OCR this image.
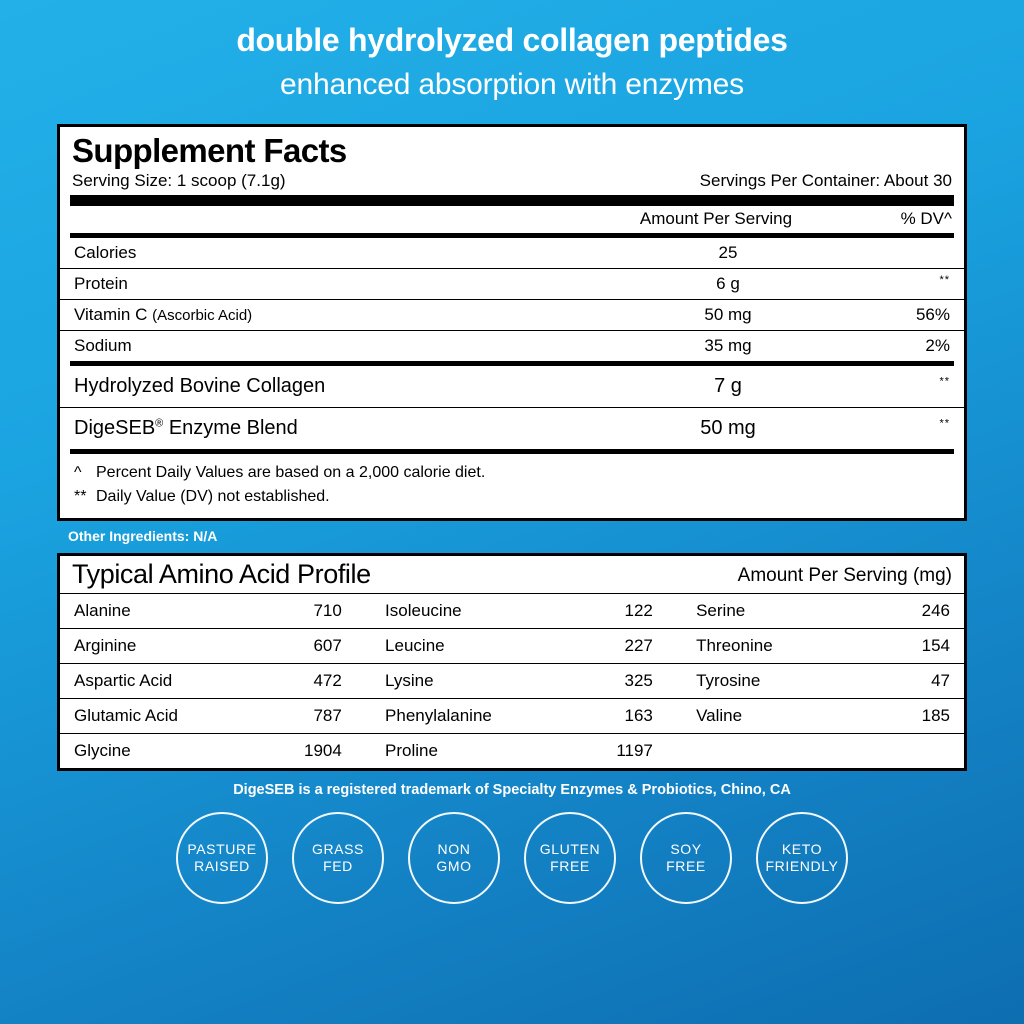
double hydrolyzed collagen peptides
enhanced absorption with enzymes
Supplement Facts
Serving Size: 1 scoop (7.1g)	Servings Per Container: About 30
Amount Per Serving	% DV^
Calories	25	
Protein	6 g	**
Vitamin C (Ascorbic Acid)	50 mg	56%
Sodium	35 mg	2%
Hydrolyzed Bovine Collagen	7 g	**
DigeSEB® Enzyme Blend	50 mg	**
^ Percent Daily Values are based on a 2,000 calorie diet.
** Daily Value (DV) not established.
Other Ingredients: N/A
Typical Amino Acid Profile	Amount Per Serving (mg)
Alanine	710		Isoleucine	122		Serine	246
Arginine	607		Leucine	227		Threonine	154
Aspartic Acid	472		Lysine	325		Tyrosine	47
Glutamic Acid	787		Phenylalanine	163		Valine	185
Glycine	1904		Proline	1197			
DigeSEB is a registered trademark of Specialty Enzymes & Probiotics, Chino, CA
PASTURE
RAISED
GRASS
FED
NON
GMO
GLUTEN
FREE
SOY
FREE
KETO
FRIENDLY
